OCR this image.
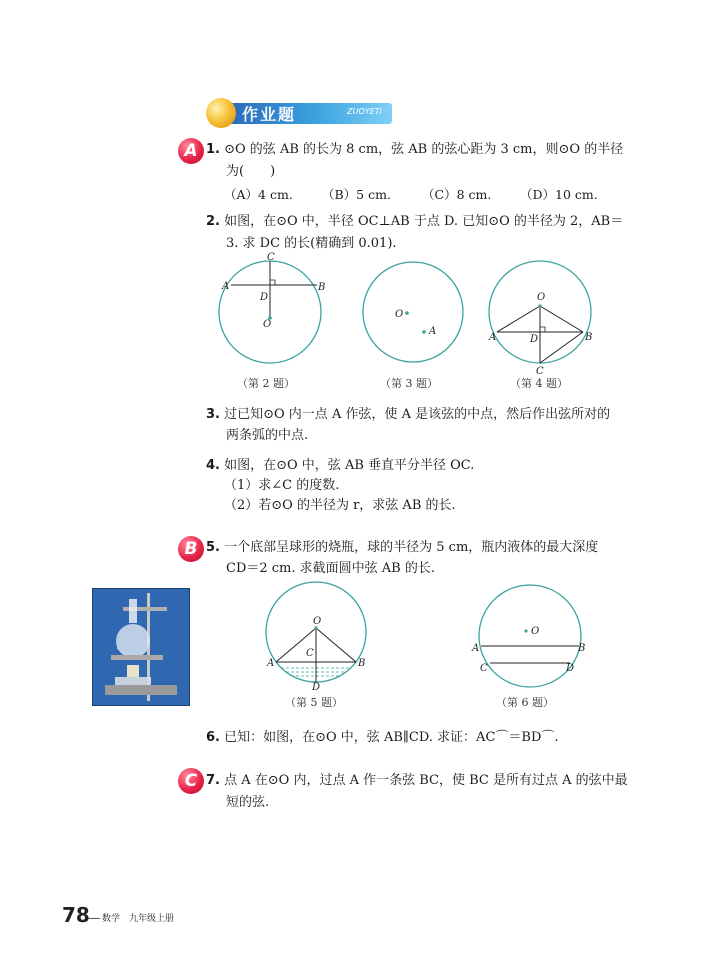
作业题	ZUOYETI
A 1. ⊙O 的弦 AB 的长为 8 cm，弦 AB 的弦心距为 3 cm，则⊙O 的半径
为(　　)
（A）4 cm. （B）5 cm. （C）8 cm. （D）10 cm.
2. 如图，在⊙O 中，半径 OC⊥AB 于点 D. 已知⊙O 的半径为 2，AB＝
3. 求 DC 的长(精确到 0.01).
C
A	B
D
O
O
A
O
A	B
D
C
（第 2 题）	（第 3 题）	（第 4 题）
3. 过已知⊙O 内一点 A 作弦，使 A 是该弦的中点，然后作出弦所对的
两条弧的中点.
4. 如图，在⊙O 中，弦 AB 垂直平分半径 OC.
（1）求∠C 的度数.
（2）若⊙O 的半径为 r，求弦 AB 的长.
B 5. 一个底部呈球形的烧瓶，球的半径为 5 cm，瓶内液体的最大深度
CD＝2 cm. 求截面圆中弦 AB 的长.
O
C
A	B
D
O
A	B
C	D
（第 5 题）	（第 6 题）
6. 已知：如图，在⊙O 中，弦 AB∥CD. 求证：AC⌒＝BD⌒.
C 7. 点 A 在⊙O 内，过点 A 作一条弦 BC，使 BC 是所有过点 A 的弦中最
短的弦.
78 数学　九年级上册
